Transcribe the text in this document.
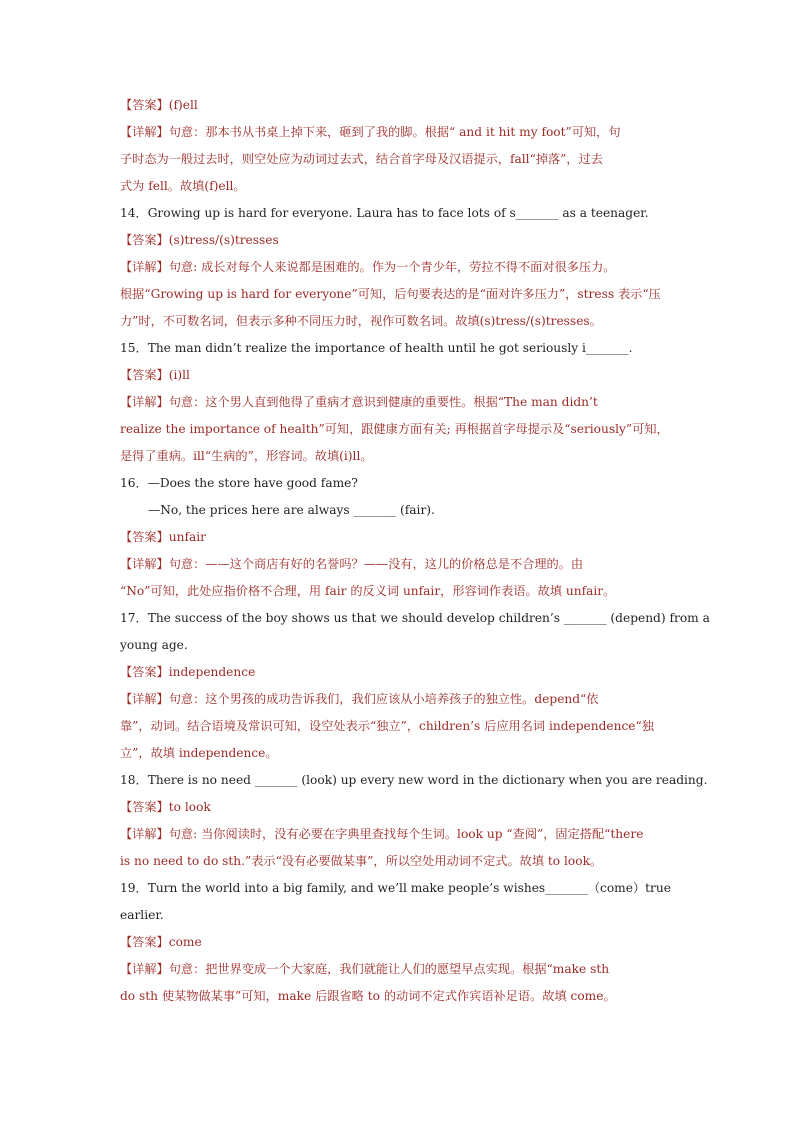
【答案】(f)ell
【详解】句意：那本书从书桌上掉下来，砸到了我的脚。根据“ and it hit my foot”可知，句
子时态为一般过去时，则空处应为动词过去式，结合首字母及汉语提示，fall“掉落”，过去
式为 fell。故填(f)ell。
14．Growing up is hard for everyone. Laura has to face lots of s_______ as a teenager.
【答案】(s)tress/(s)tresses
【详解】句意: 成长对每个人来说都是困难的。作为一个青少年，劳拉不得不面对很多压力。
根据“Growing up is hard for everyone”可知，后句要表达的是“面对许多压力”，stress 表示“压
力”时，不可数名词，但表示多种不同压力时，视作可数名词。故填(s)tress/(s)tresses。
15．The man didn’t realize the importance of health until he got seriously i_______.
【答案】(i)ll
【详解】句意：这个男人直到他得了重病才意识到健康的重要性。根据“The man didn’t
realize the importance of health”可知，跟健康方面有关; 再根据首字母提示及“seriously”可知，
是得了重病。ill“生病的”，形容词。故填(i)ll。
16．—Does the store have good fame?
—No, the prices here are always _______ (fair).
【答案】unfair
【详解】句意：——这个商店有好的名誉吗？——没有，这儿的价格总是不合理的。由
“No”可知，此处应指价格不合理，用 fair 的反义词 unfair，形容词作表语。故填 unfair。
17．The success of the boy shows us that we should develop children’s _______ (depend) from a
young age.
【答案】independence
【详解】句意：这个男孩的成功告诉我们，我们应该从小培养孩子的独立性。depend“依
靠”，动词。结合语境及常识可知，设空处表示“独立”，children’s 后应用名词 independence“独
立”，故填 independence。
18．There is no need _______ (look) up every new word in the dictionary when you are reading.
【答案】to look
【详解】句意: 当你阅读时，没有必要在字典里查找每个生词。look up “查阅”，固定搭配“there
is no need to do sth.”表示“没有必要做某事”，所以空处用动词不定式。故填 to look。
19．Turn the world into a big family, and we’ll make people’s wishes_______（come）true
earlier.
【答案】come
【详解】句意：把世界变成一个大家庭，我们就能让人们的愿望早点实现。根据“make sth
do sth 使某物做某事”可知，make 后跟省略 to 的动词不定式作宾语补足语。故填 come。
